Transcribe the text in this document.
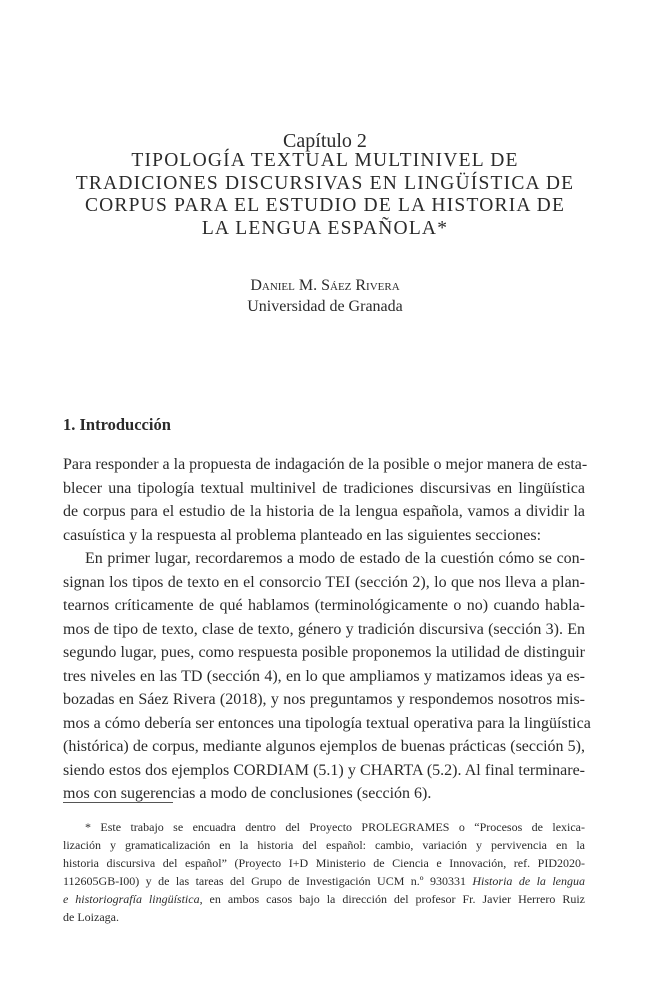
Capítulo 2
TIPOLOGÍA TEXTUAL MULTINIVEL DE
TRADICIONES DISCURSIVAS EN LINGÜÍSTICA DE
CORPUS PARA EL ESTUDIO DE LA HISTORIA DE
LA LENGUA ESPAÑOLA*
Daniel M. Sáez Rivera
Universidad de Granada
1. Introducción
Para responder a la propuesta de indagación de la posible o mejor manera de esta-
blecer una tipología textual multinivel de tradiciones discursivas en lingüística
de corpus para el estudio de la historia de la lengua española, vamos a dividir la
casuística y la respuesta al problema planteado en las siguientes secciones:
En primer lugar, recordaremos a modo de estado de la cuestión cómo se con-
signan los tipos de texto en el consorcio TEI (sección 2), lo que nos lleva a plan-
tearnos críticamente de qué hablamos (terminológicamente o no) cuando habla-
mos de tipo de texto, clase de texto, género y tradición discursiva (sección 3). En
segundo lugar, pues, como respuesta posible proponemos la utilidad de distinguir
tres niveles en las TD (sección 4), en lo que ampliamos y matizamos ideas ya es-
bozadas en Sáez Rivera (2018), y nos preguntamos y respondemos nosotros mis-
mos a cómo debería ser entonces una tipología textual operativa para la lingüística
(histórica) de corpus, mediante algunos ejemplos de buenas prácticas (sección 5),
siendo estos dos ejemplos CORDIAM (5.1) y CHARTA (5.2). Al final terminare-
mos con sugerencias a modo de conclusiones (sección 6).
* Este trabajo se encuadra dentro del Proyecto PROLEGRAMES o “Procesos de lexica-
lización y gramaticalización en la historia del español: cambio, variación y pervivencia en la
historia discursiva del español” (Proyecto I+D Ministerio de Ciencia e Innovación, ref. PID2020-
112605GB-I00) y de las tareas del Grupo de Investigación UCM n.º 930331 Historia de la lengua
e historiografía lingüística, en ambos casos bajo la dirección del profesor Fr. Javier Herrero Ruiz
de Loizaga.
